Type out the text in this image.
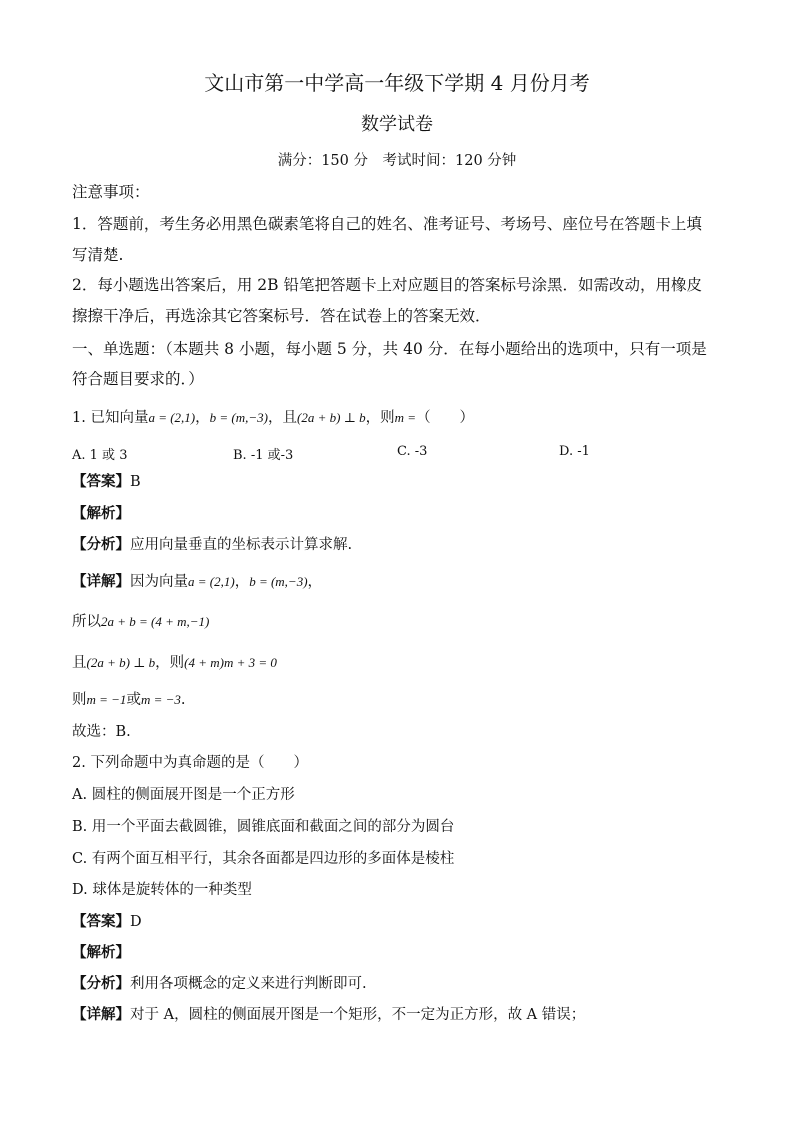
文山市第一中学高一年级下学期 4 月份月考
数学试卷
满分：150 分　考试时间：120 分钟
注意事项：
1．答题前，考生务必用黑色碳素笔将自己的姓名、准考证号、考场号、座位号在答题卡上填
写清楚.
2．每小题选出答案后，用 2B 铅笔把答题卡上对应题目的答案标号涂黑．如需改动，用橡皮
擦擦干净后，再选涂其它答案标号．答在试卷上的答案无效．
一、单选题：（本题共 8 小题，每小题 5 分，共 40 分．在每小题给出的选项中，只有一项是
符合题目要求的．）
1. 已知向量a = (2,1)，b = (m,−3)，且(2a + b) ⊥ b，则m =（　　）
A. 1 或 3	B. -1 或-3	C. -3	D. -1
【答案】B
【解析】
【分析】应用向量垂直的坐标表示计算求解.
【详解】因为向量a = (2,1)，b = (m,−3)，
所以2a + b = (4 + m,−1)
且(2a + b) ⊥ b，则(4 + m)m + 3 = 0
则m = −1或m = −3.
故选：B.
2. 下列命题中为真命题的是（　　）
A. 圆柱的侧面展开图是一个正方形
B. 用一个平面去截圆锥，圆锥底面和截面之间的部分为圆台
C. 有两个面互相平行，其余各面都是四边形的多面体是棱柱
D. 球体是旋转体的一种类型
【答案】D
【解析】
【分析】利用各项概念的定义来进行判断即可.
【详解】对于 A，圆柱的侧面展开图是一个矩形，不一定为正方形，故 A 错误；
